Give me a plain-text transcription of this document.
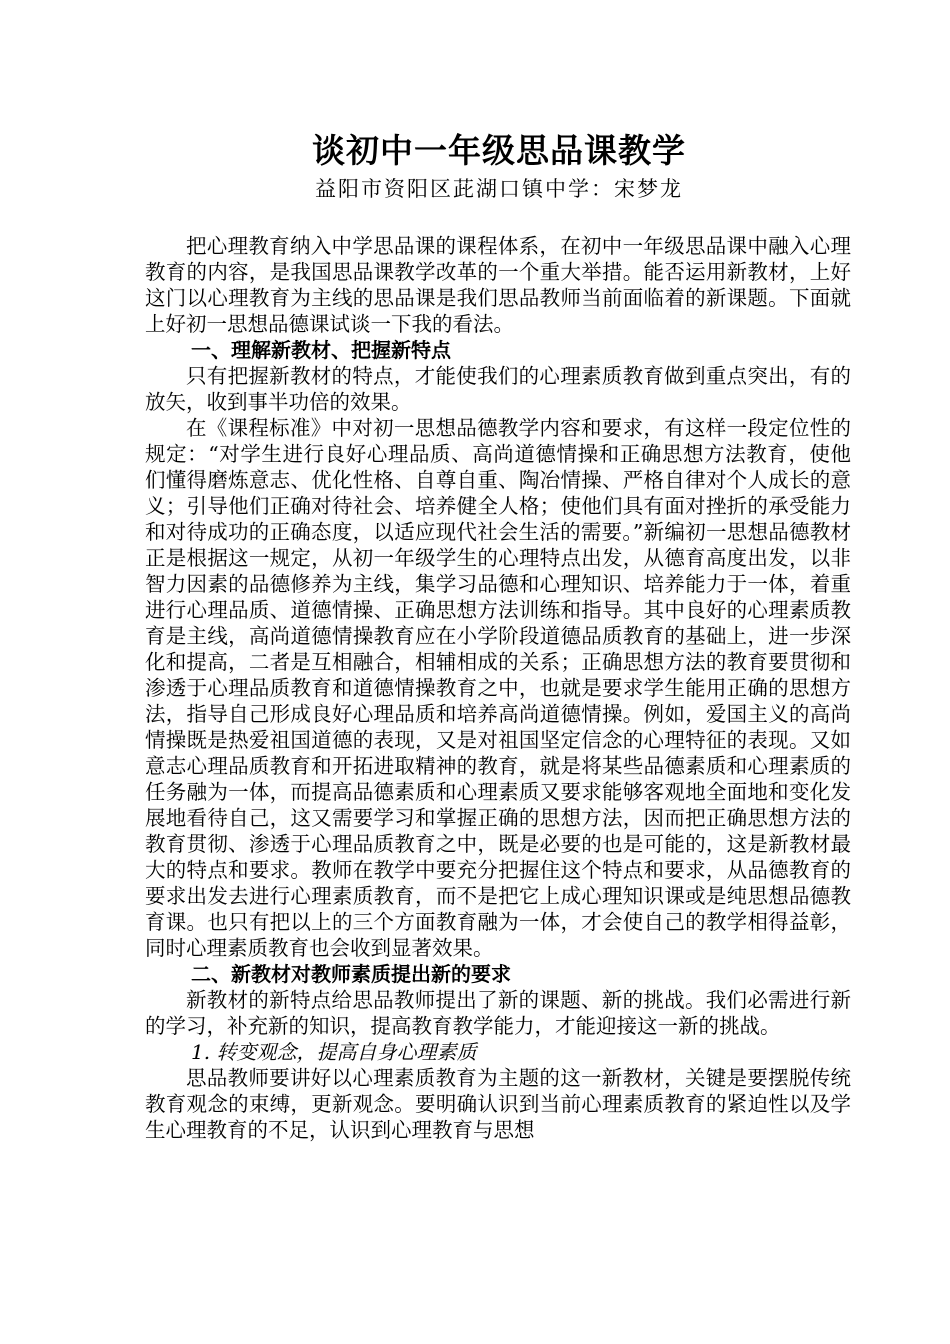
谈初中一年级思品课教学

益阳市资阳区茈湖口镇中学：宋梦龙

把心理教育纳入中学思品课的课程体系，在初中一年级思品课中融入心理教育的内容，是我国思品课教学改革的一个重大举措。能否运用新教材，上好这门以心理教育为主线的思品课是我们思品教师当前面临着的新课题。下面就上好初一思想品德课试谈一下我的看法。

一、理解新教材、把握新特点

只有把握新教材的特点，才能使我们的心理素质教育做到重点突出，有的放矢，收到事半功倍的效果。

在《课程标准》中对初一思想品德教学内容和要求，有这样一段定位性的规定：“对学生进行良好心理品质、高尚道德情操和正确思想方法教育，使他们懂得磨炼意志、优化性格、自尊自重、陶冶情操、严格自律对个人成长的意义；引导他们正确对待社会、培养健全人格；使他们具有面对挫折的承受能力和对待成功的正确态度，以适应现代社会生活的需要。”新编初一思想品德教材正是根据这一规定，从初一年级学生的心理特点出发，从德育高度出发，以非智力因素的品德修养为主线，集学习品德和心理知识、培养能力于一体，着重进行心理品质、道德情操、正确思想方法训练和指导。其中良好的心理素质教育是主线，高尚道德情操教育应在小学阶段道德品质教育的基础上，进一步深化和提高，二者是互相融合，相辅相成的关系；正确思想方法的教育要贯彻和渗透于心理品质教育和道德情操教育之中，也就是要求学生能用正确的思想方法，指导自己形成良好心理品质和培养高尚道德情操。例如，爱国主义的高尚情操既是热爱祖国道德的表现，又是对祖国坚定信念的心理特征的表现。又如意志心理品质教育和开拓进取精神的教育，就是将某些品德素质和心理素质的任务融为一体，而提高品德素质和心理素质又要求能够客观地全面地和变化发展地看待自己，这又需要学习和掌握正确的思想方法，因而把正确思想方法的教育贯彻、渗透于心理品质教育之中，既是必要的也是可能的，这是新教材最大的特点和要求。教师在教学中要充分把握住这个特点和要求，从品德教育的要求出发去进行心理素质教育，而不是把它上成心理知识课或是纯思想品德教育课。也只有把以上的三个方面教育融为一体，才会使自己的教学相得益彰，同时心理素质教育也会收到显著效果。

二、新教材对教师素质提出新的要求

新教材的新特点给思品教师提出了新的课题、新的挑战。我们必需进行新的学习，补充新的知识，提高教育教学能力，才能迎接这一新的挑战。

1. 转变观念，提高自身心理素质

思品教师要讲好以心理素质教育为主题的这一新教材，关键是要摆脱传统教育观念的束缚，更新观念。要明确认识到当前心理素质教育的紧迫性以及学生心理教育的不足，认识到心理教育与思想
